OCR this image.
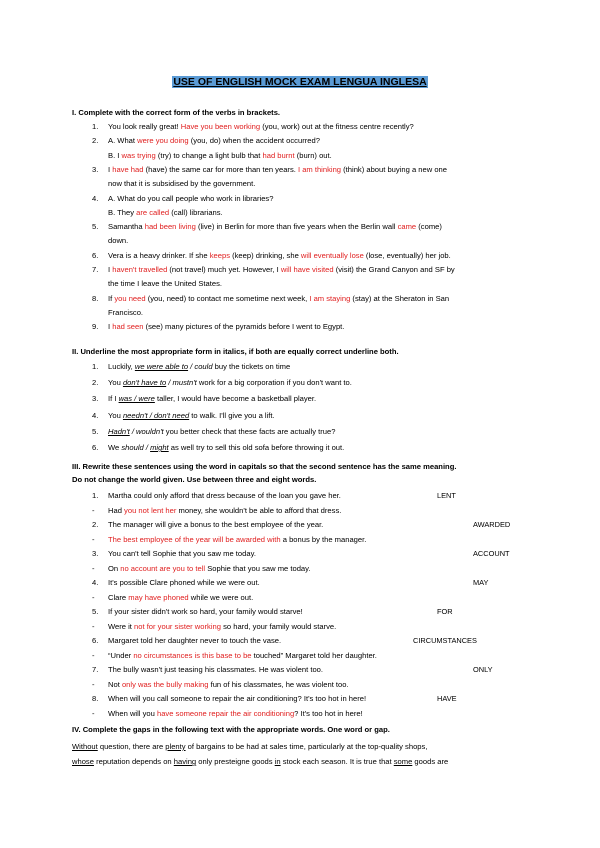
USE OF ENGLISH MOCK EXAM LENGUA INGLESA
I. Complete with the correct form of the verbs in brackets.
1. You look really great! Have you been working (you, work) out at the fitness centre recently?
2. A. What were you doing (you, do) when the accident occurred?
B. I was trying (try) to change a light bulb that had burnt (burn) out.
3. I have had (have) the same car for more than ten years. I am thinking (think) about buying a new one
now that it is subsidised by the government.
4. A. What do you call people who work in libraries?
B. They are called (call) librarians.
5. Samantha had been living (live) in Berlin for more than five years when the Berlin wall came (come)
down.
6. Vera is a heavy drinker. If she keeps (keep) drinking, she will eventually lose (lose, eventually) her job.
7. I haven't travelled (not travel) much yet. However, I will have visited (visit) the Grand Canyon and SF by
the time I leave the United States.
8. If you need (you, need) to contact me sometime next week, I am staying (stay) at the Sheraton in San
Francisco.
9. I had seen (see) many pictures of the pyramids before I went to Egypt.
II. Underline the most appropriate form in italics, if both are equally correct underline both.
1. Luckily, we were able to / could buy the tickets on time
2. You don't have to / mustn't work for a big corporation if you don't want to.
3. If I was / were taller, I would have become a basketball player.
4. You needn't / don't need to walk. I'll give you a lift.
5. Hadn't / wouldn't you better check that these facts are actually true?
6. We should / might as well try to sell this old sofa before throwing it out.
III. Rewrite these sentences using the word in capitals so that the second sentence has the same meaning.
Do not change the world given. Use between three and eight words.
1. Martha could only afford that dress because of the loan you gave her.	LENT
- Had you not lent her money, she wouldn't be able to afford that dress.
2. The manager will give a bonus to the best employee of the year.	AWARDED
- The best employee of the year will be awarded with a bonus by the manager.
3. You can't tell Sophie that you saw me today.	ACCOUNT
- On no account are you to tell Sophie that you saw me today.
4. It's possible Clare phoned while we were out.	MAY
- Clare may have phoned while we were out.
5. If your sister didn't work so hard, your family would starve!	FOR
- Were it not for your sister working so hard, your family would starve.
6. Margaret told her daughter never to touch the vase.	CIRCUMSTANCES
- “Under no circumstances is this base to be touched” Margaret told her daughter.
7. The bully wasn't just teasing his classmates. He was violent too.	ONLY
- Not only was the bully making fun of his classmates, he was violent too.
8. When will you call someone to repair the air conditioning? It's too hot in here!	HAVE
- When will you have someone repair the air conditioning? It's too hot in here!
IV. Complete the gaps in the following text with the appropriate words. One word or gap.
Without question, there are plenty of bargains to be had at sales time, particularly at the top-quality shops,
whose reputation depends on having only presteigne goods in stock each season. It is true that some goods are
